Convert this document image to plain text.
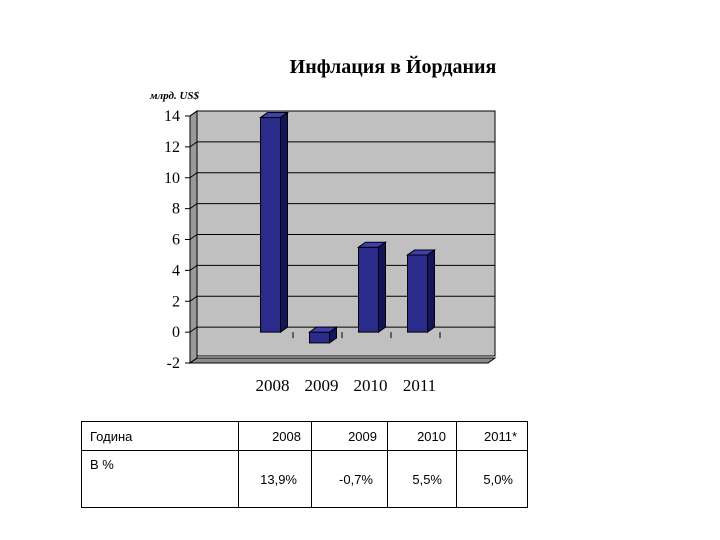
Инфлация в Йордания
млрд. US$
14
12
10
8
6
4
2
0
-2
2008 2009 2010 2011
Година	2008	2009	2010	2011*
В %	13,9%	-0,7%	5,5%	5,0%
